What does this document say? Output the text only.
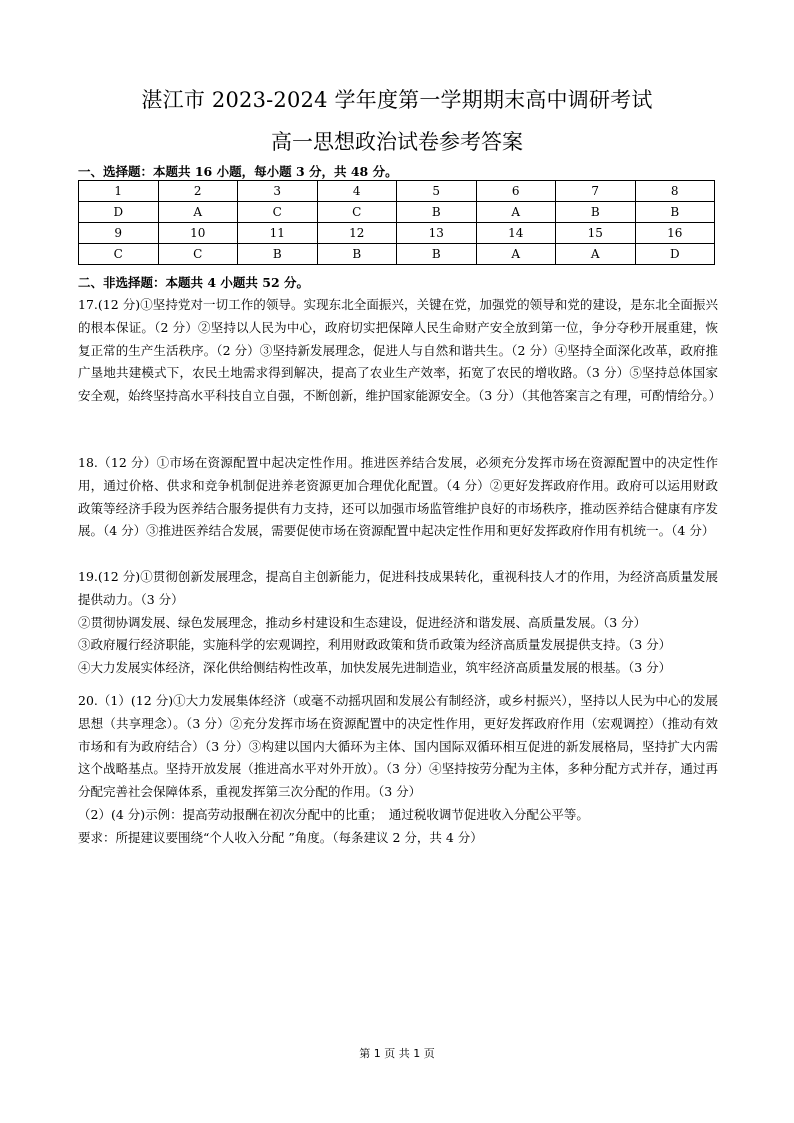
湛江市 2023-2024 学年度第一学期期末高中调研考试
高一思想政治试卷参考答案
一、选择题：本题共 16 小题，每小题 3 分，共 48 分。
1	2	3	4	5	6	7	8
D	A	C	C	B	A	B	B
9	10	11	12	13	14	15	16
C	C	B	B	B	A	A	D
二、非选择题：本题共 4 小题共 52 分。

17.(12 分)①坚持党对一切工作的领导。实现东北全面振兴，关键在党，加强党的领导和党的建设，是东北全面振兴的根本保证。（2 分）②坚持以人民为中心，政府切实把保障人民生命财产安全放到第一位，争分夺秒开展重建，恢复正常的生产生活秩序。（2 分）③坚持新发展理念，促进人与自然和谐共生。（2 分）④坚持全面深化改革，政府推广垦地共建模式下，农民土地需求得到解决，提高了农业生产效率，拓宽了农民的增收路。（3 分）⑤坚持总体国家安全观，始终坚持高水平科技自立自强，不断创新，维护国家能源安全。（3 分）（其他答案言之有理，可酌情给分。）

18.（12 分）①市场在资源配置中起决定性作用。推进医养结合发展，必须充分发挥市场在资源配置中的决定性作用，通过价格、供求和竞争机制促进养老资源更加合理优化配置。（4 分）②更好发挥政府作用。政府可以运用财政政策等经济手段为医养结合服务提供有力支持，还可以加强市场监管维护良好的市场秩序，推动医养结合健康有序发展。（4 分）③推进医养结合发展，需要促使市场在资源配置中起决定性作用和更好发挥政府作用有机统一。（4 分）

19.(12 分)①贯彻创新发展理念，提高自主创新能力，促进科技成果转化，重视科技人才的作用，为经济高质量发展提供动力。（3 分）

②贯彻协调发展、绿色发展理念，推动乡村建设和生态建设，促进经济和谐发展、高质量发展。（3 分）

③政府履行经济职能，实施科学的宏观调控，利用财政政策和货币政策为经济高质量发展提供支持。（3 分）

④大力发展实体经济，深化供给侧结构性改革，加快发展先进制造业，筑牢经济高质量发展的根基。（3 分）

20.（1）(12 分)①大力发展集体经济（或毫不动摇巩固和发展公有制经济，或乡村振兴），坚持以人民为中心的发展思想（共享理念）。（3 分）②充分发挥市场在资源配置中的决定性作用，更好发挥政府作用（宏观调控）（推动有效市场和有为政府结合）（3 分）③构建以国内大循环为主体、国内国际双循环相互促进的新发展格局，坚持扩大内需这个战略基点。坚持开放发展（推进高水平对外开放）。（3 分）④坚持按劳分配为主体，多种分配方式并存，通过再分配完善社会保障体系，重视发挥第三次分配的作用。（3 分）

（2）(4 分)示例：提高劳动报酬在初次分配中的比重；　通过税收调节促进收入分配公平等。

要求：所提建议要围绕“个人收入分配 ”角度。（每条建议 2 分，共 4 分）

第 1 页 共 1 页
